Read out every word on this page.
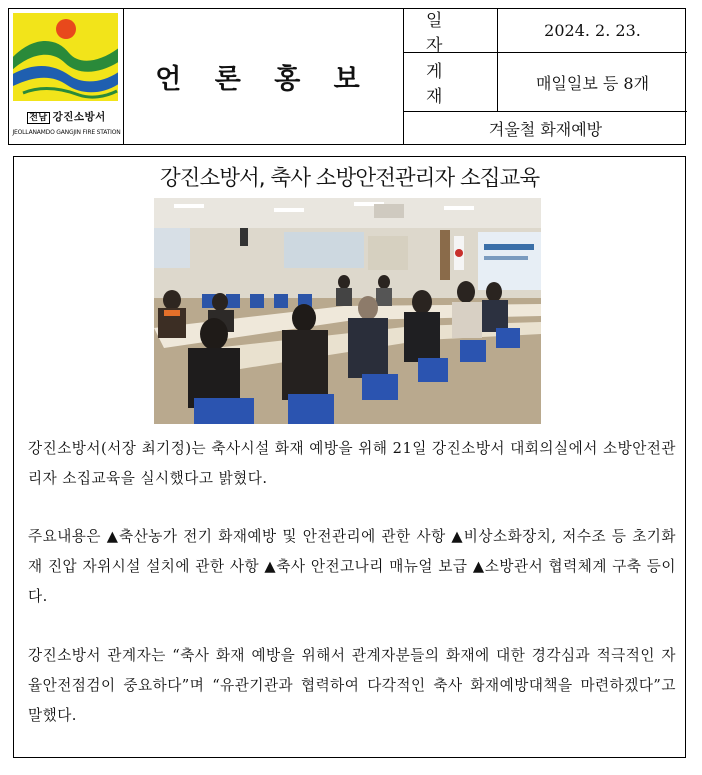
전남 강진소방서
JEOLLANAMDO GANGJIN FIRE STATION
언 론 홍 보
일자
2024. 2. 23.
게재
매일일보 등 8개
겨울철 화재예방
강진소방서, 축사 소방안전관리자 소집교육
강진소방서(서장 최기정)는 축사시설 화재 예방을 위해 21일 강진소방서 대회의실에서 소방안전관리자 소집교육을 실시했다고 밝혔다.
주요내용은 ▲축산농가 전기 화재예방 및 안전관리에 관한 사항 ▲비상소화장치, 저수조 등 초기화재 진압 자위시설 설치에 관한 사항 ▲축사 안전고나리 매뉴얼 보급 ▲소방관서 협력체계 구축 등이다.
강진소방서 관계자는 “축사 화재 예방을 위해서 관계자분들의 화재에 대한 경각심과 적극적인 자율안전점검이 중요하다”며 “유관기관과 협력하여 다각적인 축사 화재예방대책을 마련하겠다”고 말했다.
